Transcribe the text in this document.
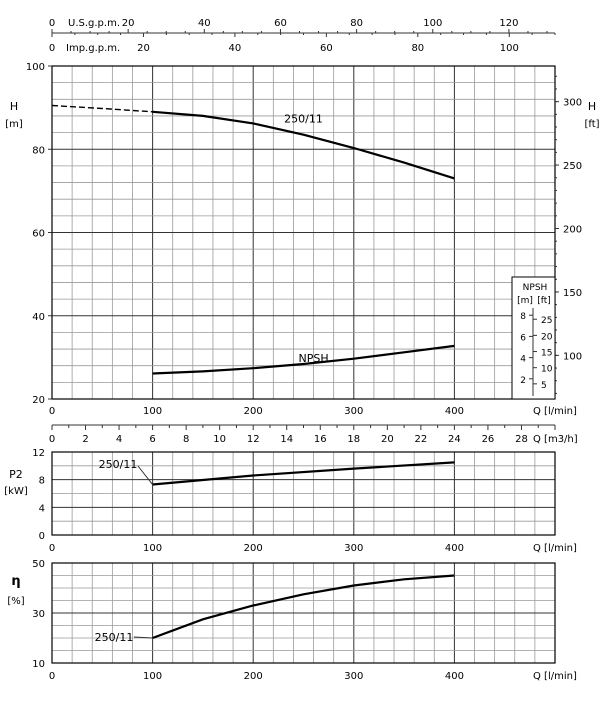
0	20	40	60	80	100	120
U.S.g.p.m.
0	20	40	60	80	100
Imp.g.p.m.
20
40
60
80
100
H
[m]
100
150
200
250
300 H
[ft]
0	100	200	300	400	Q [l/min]
250/11
NPSH
NPSH
[m] [ft]
2
4
6
8
5
10
15
20
25
0	2	4	6	8 10 12 14 16 18 20 22 24 26 28 Q [m3/h]
0
4
8
12
P2
[kW]
0	100	200	300	400	Q [l/min]
250/11
10
30
50
η
[%]
0	100	200	300	400	Q [l/min]
250/11
